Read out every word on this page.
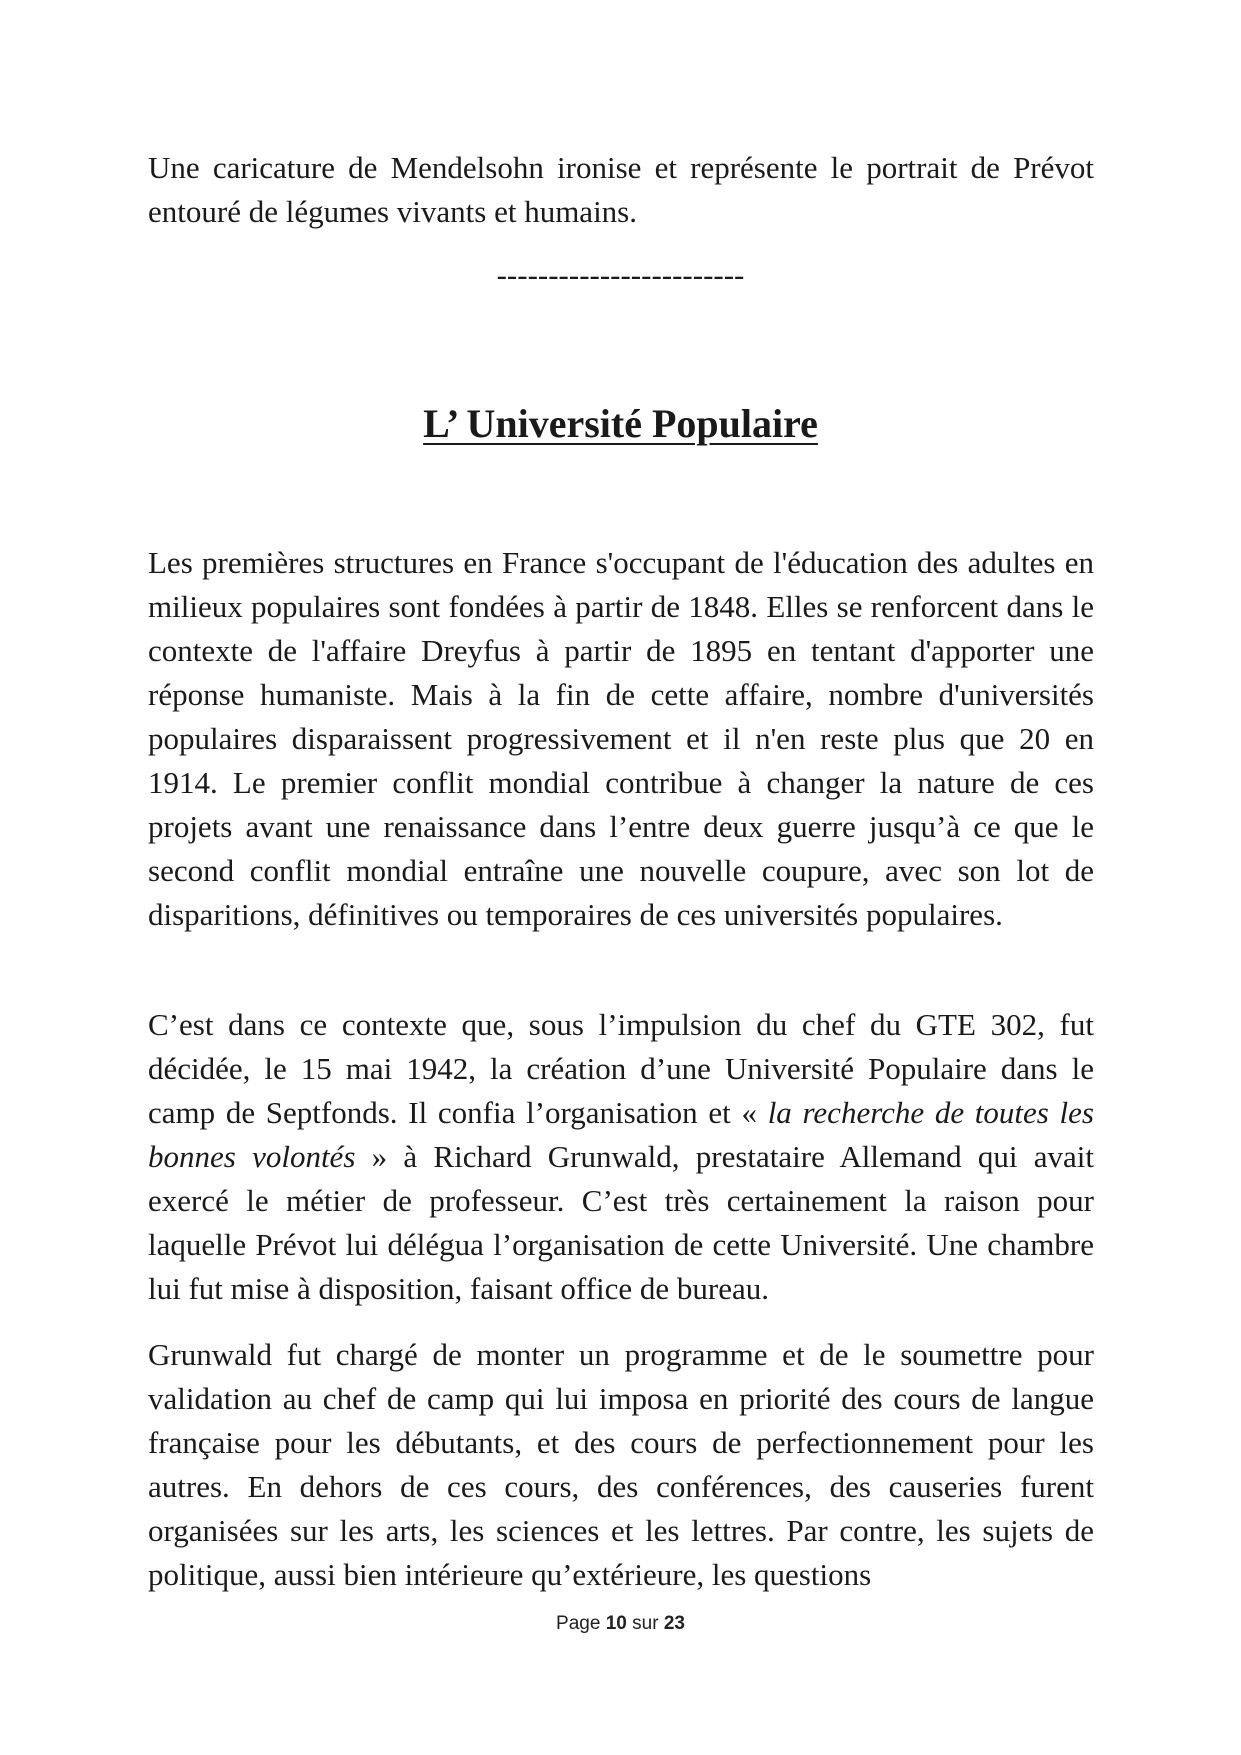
Une caricature de Mendelsohn ironise et représente le portrait de Prévot entouré de légumes vivants et humains.

------------------------
L’ Université Populaire

Les premières structures en France s'occupant de l'éducation des adultes en milieux populaires sont fondées à partir de 1848. Elles se renforcent dans le contexte de l'affaire Dreyfus à partir de 1895 en tentant d'apporter une réponse humaniste. Mais à la fin de cette affaire, nombre d'universités populaires disparaissent progressivement et il n'en reste plus que 20 en 1914. Le premier conflit mondial contribue à changer la nature de ces projets avant une renaissance dans l’entre deux guerre jusqu’à ce que le second conflit mondial entraîne une nouvelle coupure, avec son lot de disparitions, définitives ou temporaires de ces universités populaires.

C’est dans ce contexte que, sous l’impulsion du chef du GTE 302, fut décidée, le 15 mai 1942, la création d’une Université Populaire dans le camp de Septfonds. Il confia l’organisation et « la recherche de toutes les bonnes volontés » à Richard Grunwald, prestataire Allemand qui avait exercé le métier de professeur. C’est très certainement la raison pour laquelle Prévot lui délégua l’organisation de cette Université. Une chambre lui fut mise à disposition, faisant office de bureau.

Grunwald fut chargé de monter un programme et de le soumettre pour validation au chef de camp qui lui imposa en priorité des cours de langue française pour les débutants, et des cours de perfectionnement pour les autres. En dehors de ces cours, des conférences, des causeries furent organisées sur les arts, les sciences et les lettres. Par contre, les sujets de politique, aussi bien intérieure qu’extérieure, les questions

Page 10 sur 23
